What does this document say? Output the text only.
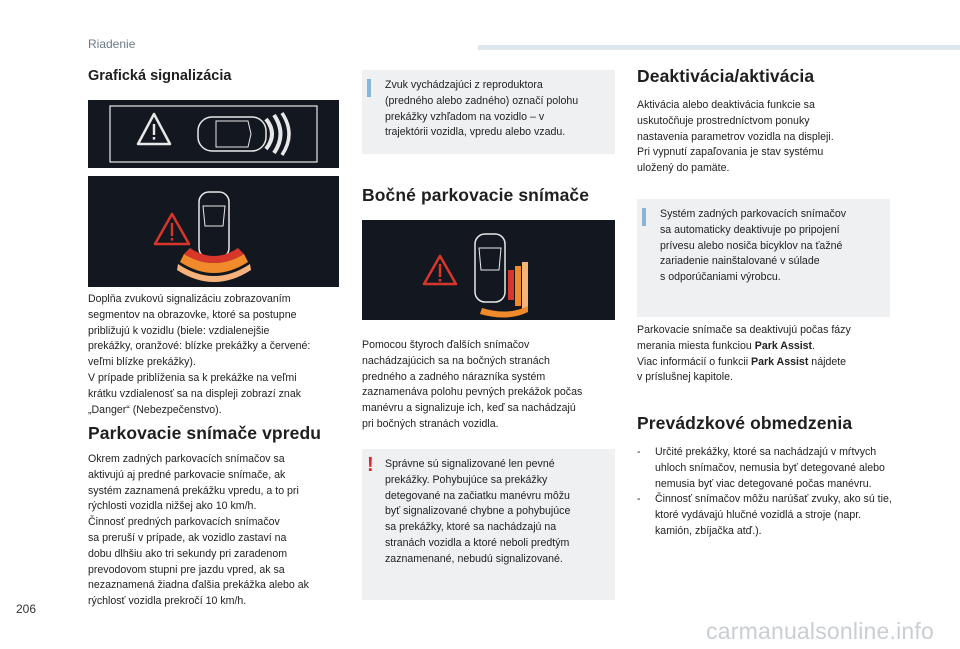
Riadenie
206
carmanualsonline.info
Grafická signalizácia

Doplňa zvukovú signalizáciu zobrazovaním
segmentov na obrazovke, ktoré sa postupne
približujú k vozidlu (biele: vzdialenejšie
prekážky, oranžové: blízke prekážky a červené:
veľmi blízke prekážky).
V prípade priblíženia sa k prekážke na veľmi
krátku vzdialenosť sa na displeji zobrazí znak
„Danger“ (Nebezpečenstvo).

Parkovacie snímače vpredu

Okrem zadných parkovacích snímačov sa
aktivujú aj predné parkovacie snímače, ak
systém zaznamená prekážku vpredu, a to pri
rýchlosti vozidla nižšej ako 10 km/h.
Činnosť predných parkovacích snímačov
sa preruší v prípade, ak vozidlo zastaví na
dobu dlhšiu ako tri sekundy pri zaradenom
prevodovom stupni pre jazdu vpred, ak sa
nezaznamená žiadna ďalšia prekážka alebo ak
rýchlosť vozidla prekročí 10 km/h.

Zvuk vychádzajúci z reproduktora
(predného alebo zadného) označí polohu
prekážky vzhľadom na vozidlo – v
trajektórii vozidla, vpredu alebo vzadu.

Bočné parkovacie snímače

Pomocou štyroch ďalších snímačov
nachádzajúcich sa na bočných stranách
predného a zadného nárazníka systém
zaznamenáva polohu pevných prekážok počas
manévru a signalizuje ich, keď sa nachádzajú
pri bočných stranách vozidla.

! Správne sú signalizované len pevné
prekážky. Pohybujúce sa prekážky
detegované na začiatku manévru môžu
byť signalizované chybne a pohybujúce
sa prekážky, ktoré sa nachádzajú na
stranách vozidla a ktoré neboli predtým
zaznamenané, nebudú signalizované.

Deaktivácia/aktivácia

Aktivácia alebo deaktivácia funkcie sa
uskutočňuje prostredníctvom ponuky
nastavenia parametrov vozidla na displeji.
Pri vypnutí zapaľovania je stav systému
uložený do pamäte.

Systém zadných parkovacích snímačov
sa automaticky deaktivuje po pripojení
prívesu alebo nosiča bicyklov na ťažné
zariadenie nainštalované v súlade
s odporúčaniami výrobcu.

Parkovacie snímače sa deaktivujú počas fázy
merania miesta funkciou Park Assist.
Viac informácií o funkcii Park Assist nájdete
v príslušnej kapitole.

Prevádzkové obmedzenia
- Určité prekážky, ktoré sa nachádzajú v mŕtvych uhloch snímačov, nemusia byť detegované alebo nemusia byť viac detegované počas manévru.
- Činnosť snímačov môžu narúšať zvuky, ako sú tie, ktoré vydávajú hlučné vozidlá a stroje (napr. kamión, zbíjačka atď.).
